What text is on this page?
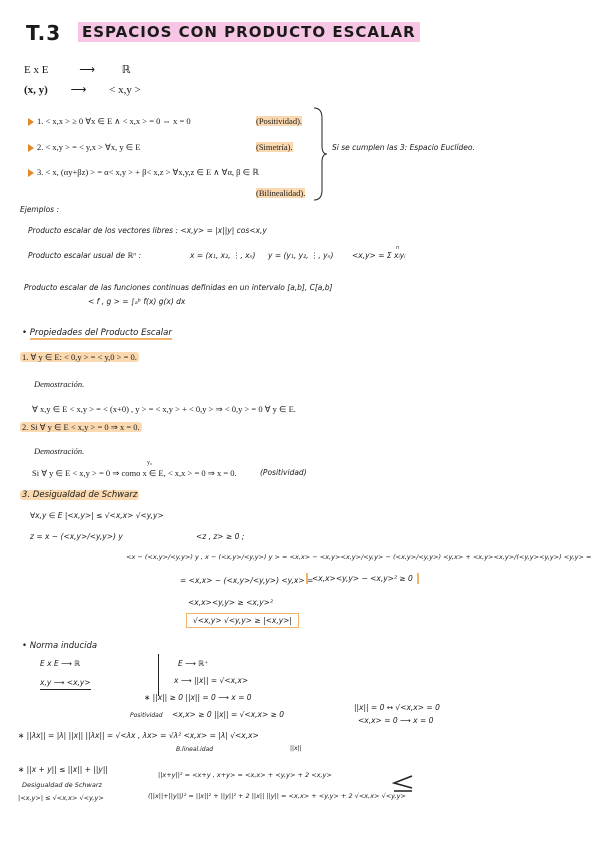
T.3 ESPACIOS CON PRODUCTO ESCALAR
E x E	⟶ ℝ
(x, y) ⟶ < x,y >
1. < x,x > ≥ 0 ∀x ∈ E ∧ < x,x > = 0 ⇔ x = 0	(Positividad).
2. < x,y > = < y,x > ∀x, y ∈ E	(Simetría).
3. < x, (αy+βz) > = α< x,y > + β< x,z > ∀x,y,z ∈ E ∧ ∀α, β ∈ ℝ
(Bilinealidad).
Si se cumplen las 3: Espacio Euclídeo.
Ejemplos :
Producto escalar de los vectores libres : <x,y> = |x||y| cos<x,y
Producto escalar usual de ℝⁿ :	x = (x₁, x₂, ⋮, xₙ) y = (y₁, y₂, ⋮, yₙ) <x,y> = Σ xᵢyᵢ
n
Producto escalar de las funciones continuas definidas en un intervalo [a,b], C[a,b]
< f , g > = ∫ₐᵇ f(x) g(x) dx
• Propiedades del Producto Escalar
1. ∀ y ∈ E: < 0,y > = < y,0 > = 0.
Demostración.
∀ x,y ∈ E < x,y > = < (x+0) , y > = < x,y > + < 0,y > ⇒ < 0,y > = 0 ∀ y ∈ E.
2. Si ∀ y ∈ E < x,y > = 0 ⇒ x = 0.
Demostración.
y₀
Si ∀ y ∈ E < x,y > = 0 ⇒ como x ∈ E, < x,x > = 0 ⇒ x = 0.	(Positividad)
3. Desigualdad de Schwarz
∀x,y ∈ E |<x,y>| ≤ √<x,x> √<y,y>
z = x − (<x,y>/<y,y>) y	<z , z> ≥ 0 ;
<x − (<x,y>/<y,y>) y , x − (<x,y>/<y,y>) y > = <x,x> − <x,y><x,y>/<y,y> − (<x,y>/<y,y>) <y,x> + <x,y><x,y>/(<y,y><y,y>) <y,y> =
= <x,x> − (<x,y>/<y,y>) <y,x> =
<x,x><y,y> − <x,y>² ≥ 0
<x,x><y,y> ≥ <x,y>²
√<x,y> √<y,y> ≥ |<x,y>|
• Norma inducida
E x E ⟶ ℝ
x,y ⟶ <x,y>
E ⟶ ℝ⁺
x ⟶ ||x|| = √<x,x>
∗ ||x|| ≥ 0 ||x|| = 0 ⟶ x = 0
Positividad <x,x> ≥ 0 ||x|| = √<x,x> ≥ 0
||x|| = 0 ↔ √<x,x> = 0
<x,x> = 0 ⟶ x = 0
∗ ||λx|| = |λ| ||x|| ||λx|| = √<λx , λx> = √λ² <x,x> = |λ| √<x,x>
B.lineal.idad	||x||
∗ ||x + y|| ≤ ||x|| + ||y||
Desigualdad de Schwarz
|<x,y>| ≤ √<x,x> √<y,y>
||x+y||² = <x+y , x+y> = <x,x> + <y,y> + 2 <x,y>
(||x||+||y||)² = ||x||² + ||y||² + 2 ||x|| ||y|| = <x,x> + <y,y> + 2 √<x,x> √<y,y>
